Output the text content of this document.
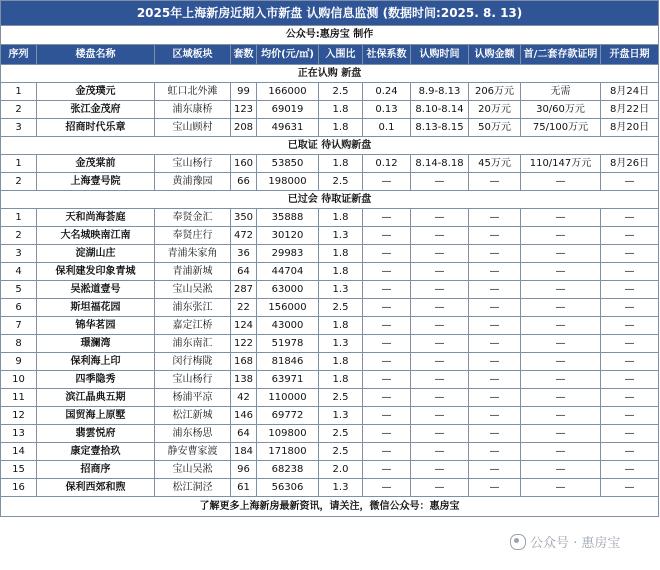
2025年上海新房近期入市新盘 认购信息监测 (数据时间:2025. 8. 13)										
公众号:惠房宝 制作										
序列	楼盘名称	区域板块	套数	均价(元/㎡)	入围比	社保系数	认购时间	认购金额	首/二套存款证明	开盘日期
正在认购 新盘										
1	金茂璞元	虹口北外滩	99	166000	2.5	0.24	8.9-8.13	206万元	无需	8月24日
2	张江金茂府	浦东康桥	123	69019	1.8	0.13	8.10-8.14	20万元	30/60万元	8月22日
3	招商时代乐章	宝山顾村	208	49631	1.8	0.1	8.13-8.15	50万元	75/100万元	8月20日
已取证 待认购新盘										
1	金茂棠前	宝山杨行	160	53850	1.8	0.12	8.14-8.18	45万元	110/147万元	8月26日
2	上海壹号院	黄浦豫园	66	198000	2.5	—	—	—	—	—
已过会 待取证新盘										
1	天和尚海荟庭	奉贤金汇	350	35888	1.8	—	—	—	—	—
2	大名城映南江南	奉贤庄行	472	30120	1.3	—	—	—	—	—
3	淀湖山庄	青浦朱家角	36	29983	1.8	—	—	—	—	—
4	保利建发印象青城	青浦新城	64	44704	1.8	—	—	—	—	—
5	吴淞道壹号	宝山吴淞	287	63000	1.3	—	—	—	—	—
6	斯坦福花园	浦东张江	22	156000	2.5	—	—	—	—	—
7	锦华茗园	嘉定江桥	124	43000	1.8	—	—	—	—	—
8	璟澜湾	浦东南汇	122	51978	1.3	—	—	—	—	—
9	保利海上印	闵行梅陇	168	81846	1.8	—	—	—	—	—
10	四季隐秀	宝山杨行	138	63971	1.8	—	—	—	—	—
11	滨江晶典五期	杨浦平凉	42	110000	2.5	—	—	—	—	—
12	国贸海上原墅	松江新城	146	69772	1.3	—	—	—	—	—
13	翡雲悦府	浦东杨思	64	109800	2.5	—	—	—	—	—
14	康定壹拾玖	静安曹家渡	184	171800	2.5	—	—	—	—	—
15	招商序	宝山吴淞	96	68238	2.0	—	—	—	—	—
16	保利西郊和煦	松江洞泾	61	56306	1.3	—	—	—	—	—
了解更多上海新房最新资讯，请关注，微信公众号：惠房宝										
公众号 · 惠房宝
